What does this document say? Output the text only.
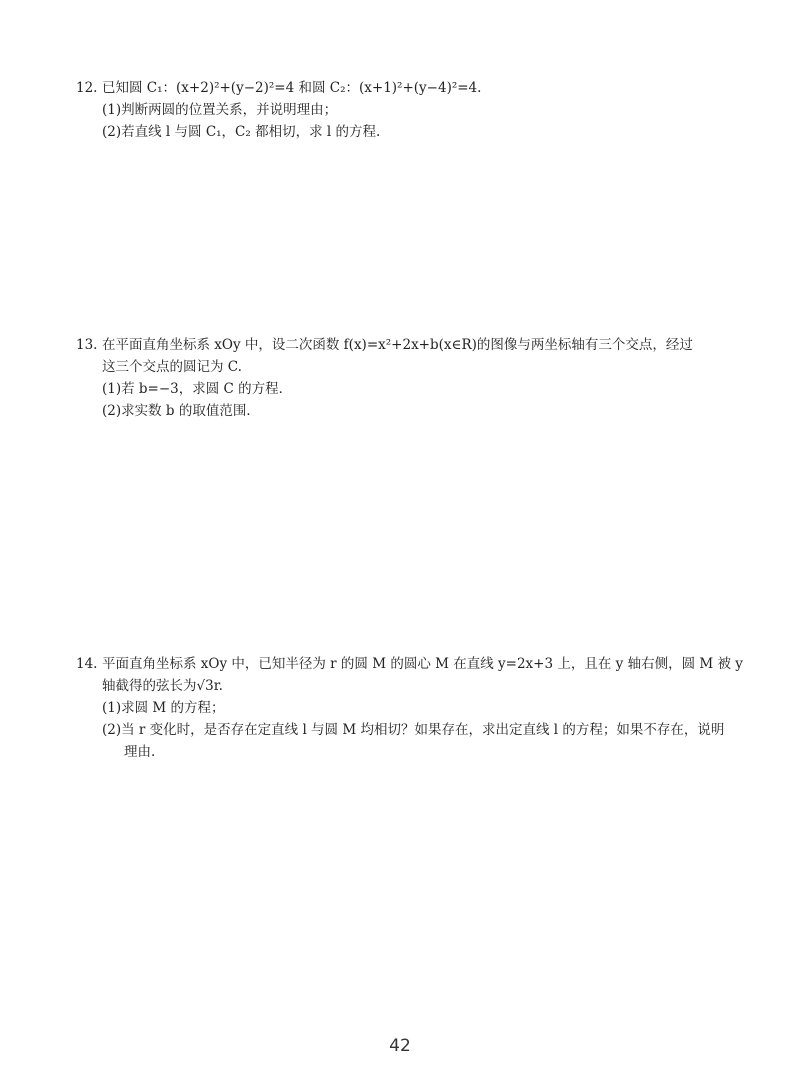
12. 已知圆 C₁：(x+2)²+(y−2)²=4 和圆 C₂：(x+1)²+(y−4)²=4.

(1)判断两圆的位置关系，并说明理由；

(2)若直线 l 与圆 C₁，C₂ 都相切，求 l 的方程.

13. 在平面直角坐标系 xOy 中，设二次函数 f(x)=x²+2x+b(x∈R)的图像与两坐标轴有三个交点，经过

这三个交点的圆记为 C.

(1)若 b=−3，求圆 C 的方程．

(2)求实数 b 的取值范围．

14. 平面直角坐标系 xOy 中，已知半径为 r 的圆 M 的圆心 M 在直线 y=2x+3 上，且在 y 轴右侧，圆 M 被 y

轴截得的弦长为√3r.

(1)求圆 M 的方程；

(2)当 r 变化时，是否存在定直线 l 与圆 M 均相切？如果存在，求出定直线 l 的方程；如果不存在，说明

理由.

42
